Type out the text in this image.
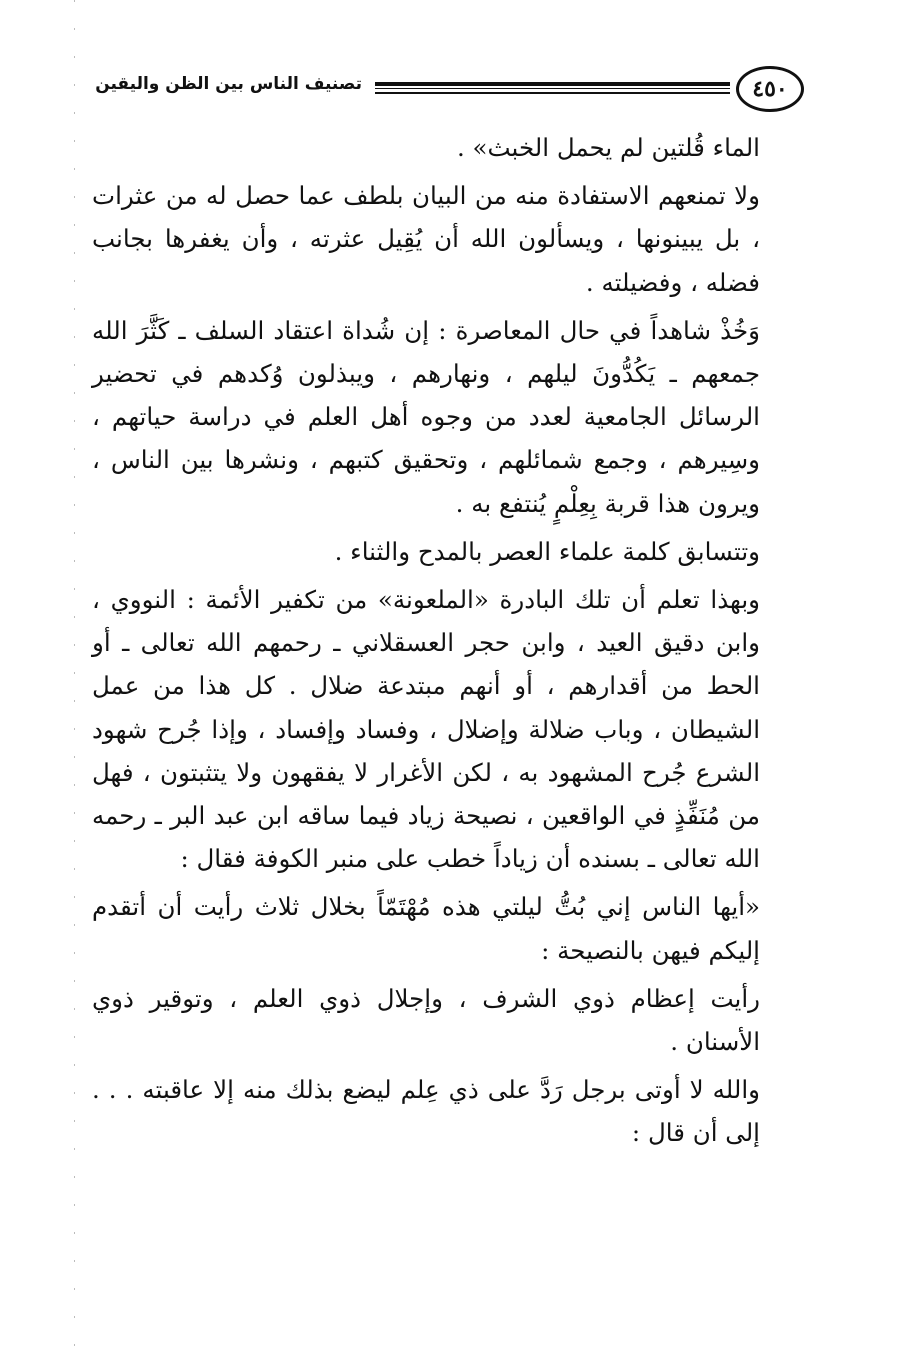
٤٥٠
تصنيف الناس بين الظن واليقين

الماء قُلتين لم يحمل الخبث» .

ولا تمنعهم الاستفادة منه من البيان بلطف عما حصل له من عثرات ، بل يبينونها ، ويسألون الله أن يُقِيل عثرته ، وأن يغفرها بجانب فضله ، وفضيلته .

وَخُذْ شاهداً في حال المعاصرة : إن شُداة اعتقاد السلف ـ كَثَّرَ الله جمعهم ـ يَكُدُّونَ ليلهم ، ونهارهم ، ويبذلون وُكدهم في تحضير الرسائل الجامعية لعدد من وجوه أهل العلم في دراسة حياتهم ، وسِيرهم ، وجمع شمائلهم ، وتحقيق كتبهم ، ونشرها بين الناس ، ويرون هذا قربة بِعِلْمٍ يُنتفع به .

وتتسابق كلمة علماء العصر بالمدح والثناء .

وبهذا تعلم أن تلك البادرة «الملعونة» من تكفير الأئمة : النووي ، وابن دقيق العيد ، وابن حجر العسقلاني ـ رحمهم الله تعالى ـ أو الحط من أقدارهم ، أو أنهم مبتدعة ضلال . كل هذا من عمل الشيطان ، وباب ضلالة وإضلال ، وفساد وإفساد ، وإذا جُرح شهود الشرع جُرح المشهود به ، لكن الأغرار لا يفقهون ولا يتثبتون ، فهل من مُنَفِّذٍ في الواقعين ، نصيحة زياد فيما ساقه ابن عبد البر ـ رحمه الله تعالى ـ بسنده أن زياداً خطب على منبر الكوفة فقال :

«أيها الناس إني بُتُّ ليلتي هذه مُهْتَمّاً بخلال ثلاث رأيت أن أتقدم إليكم فيهن بالنصيحة :

رأيت إعظام ذوي الشرف ، وإجلال ذوي العلم ، وتوقير ذوي الأسنان .

والله لا أوتى برجل رَدَّ على ذي عِلم ليضع بذلك منه إلا عاقبته . . . إلى أن قال :
